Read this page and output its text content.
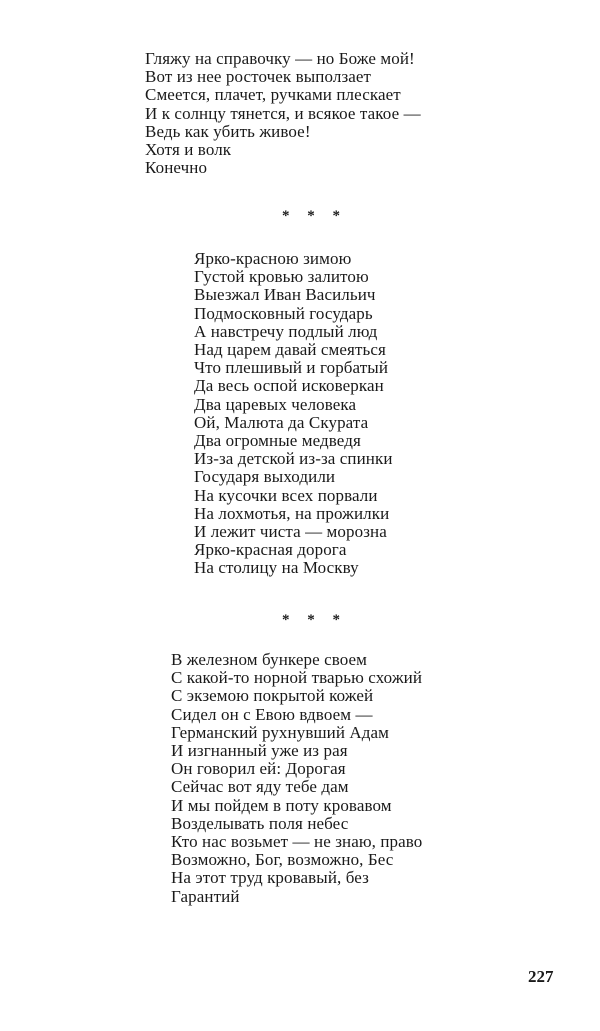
Гляжу на справочку — но Боже мой!
Вот из нее росточек выползает
Смеется, плачет, ручками плескает
И к солнцу тянется, и всякое такое —
Ведь как убить живое!
Хотя и волк
Конечно
* * *
Ярко-красною зимою
Густой кровью залитою
Выезжал Иван Васильич
Подмосковный государь
А навстречу подлый люд
Над царем давай смеяться
Что плешивый и горбатый
Да весь оспой исковеркан
Два царевых человека
Ой, Малюта да Скурата
Два огромные медведя
Из-за детской из-за спинки
Государя выходили
На кусочки всех порвали
На лохмотья, на прожилки
И лежит чиста — морозна
Ярко-красная дорога
На столицу на Москву
* * *
В железном бункере своем
С какой-то норной тварью схожий
С экземою покрытой кожей
Сидел он с Евою вдвоем —
Германский рухнувший Адам
И изгнанный уже из рая
Он говорил ей: Дорогая
Сейчас вот яду тебе дам
И мы пойдем в поту кровавом
Возделывать поля небес
Кто нас возьмет — не знаю, право
Возможно, Бог, возможно, Бес
На этот труд кровавый, без
Гарантий
227
